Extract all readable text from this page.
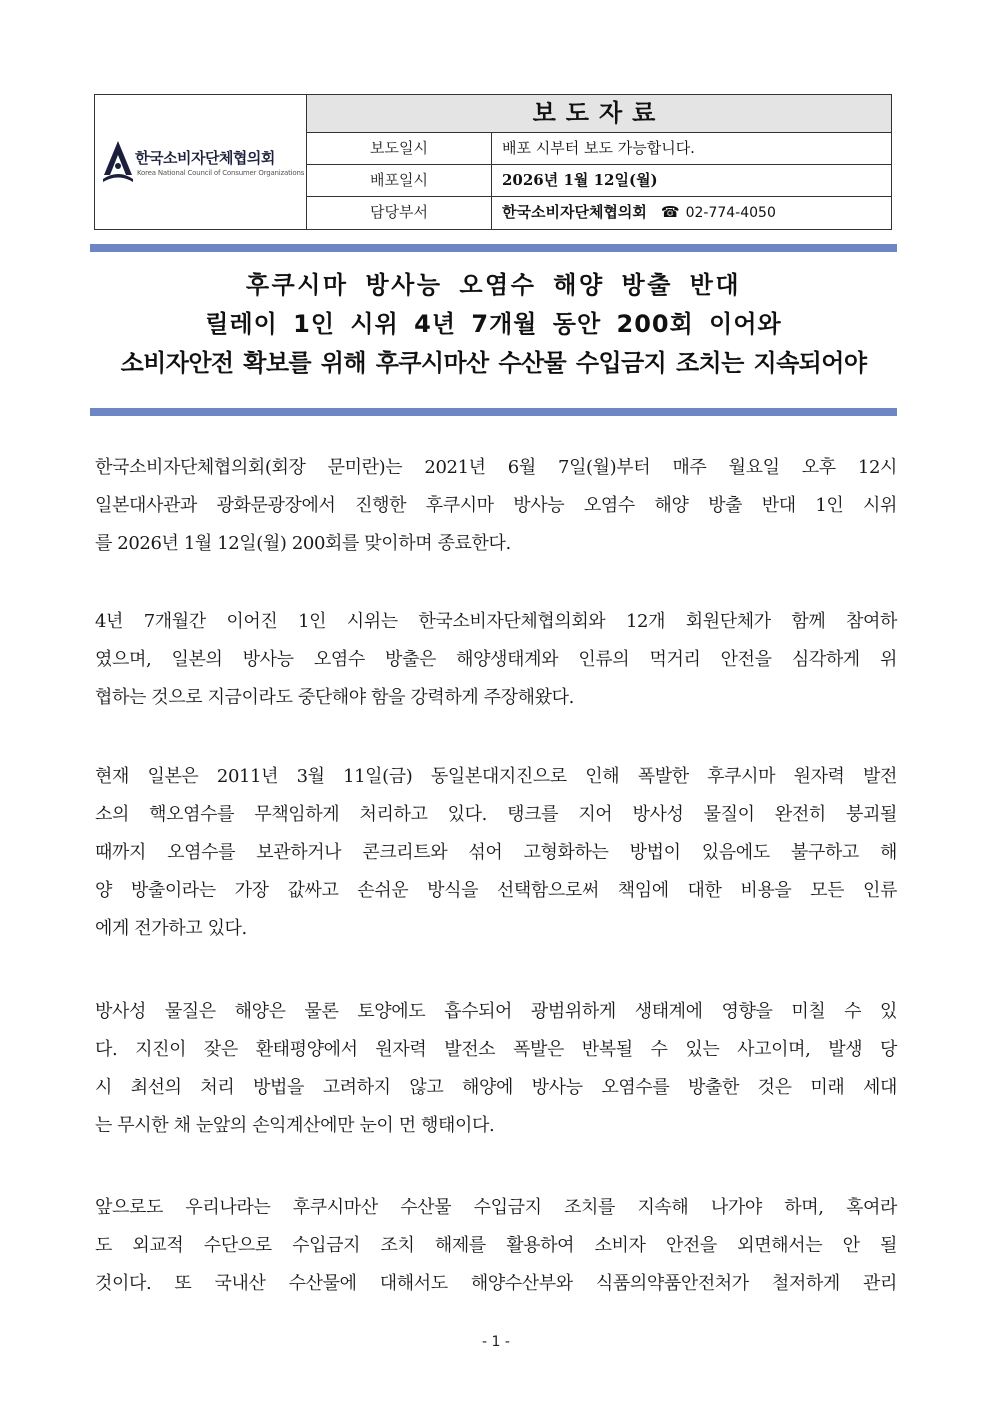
한국소비자단체협의회
Korea National Council of Consumer Organizations
보도자료
보도일시	배포 시부터 보도 가능합니다.
배포일시	2026년 1월 12일(월)
담당부서	한국소비자단체협의회 ☎ 02-774-4050
후쿠시마 방사능 오염수 해양 방출 반대
릴레이 1인 시위 4년 7개월 동안 200회 이어와
소비자안전 확보를 위해 후쿠시마산 수산물 수입금지 조치는 지속되어야
한국소비자단체협의회(회장 문미란)는 2021년 6월 7일(월)부터 매주 월요일 오후 12시
일본대사관과 광화문광장에서 진행한 후쿠시마 방사능 오염수 해양 방출 반대 1인 시위
를 2026년 1월 12일(월) 200회를 맞이하며 종료한다.
4년 7개월간 이어진 1인 시위는 한국소비자단체협의회와 12개 회원단체가 함께 참여하
였으며, 일본의 방사능 오염수 방출은 해양생태계와 인류의 먹거리 안전을 심각하게 위
협하는 것으로 지금이라도 중단해야 함을 강력하게 주장해왔다.
현재 일본은 2011년 3월 11일(금) 동일본대지진으로 인해 폭발한 후쿠시마 원자력 발전
소의 핵오염수를 무책임하게 처리하고 있다. 탱크를 지어 방사성 물질이 완전히 붕괴될
때까지 오염수를 보관하거나 콘크리트와 섞어 고형화하는 방법이 있음에도 불구하고 해
양 방출이라는 가장 값싸고 손쉬운 방식을 선택함으로써 책임에 대한 비용을 모든 인류
에게 전가하고 있다.
방사성 물질은 해양은 물론 토양에도 흡수되어 광범위하게 생태계에 영향을 미칠 수 있
다. 지진이 잦은 환태평양에서 원자력 발전소 폭발은 반복될 수 있는 사고이며, 발생 당
시 최선의 처리 방법을 고려하지 않고 해양에 방사능 오염수를 방출한 것은 미래 세대
는 무시한 채 눈앞의 손익계산에만 눈이 먼 행태이다.
앞으로도 우리나라는 후쿠시마산 수산물 수입금지 조치를 지속해 나가야 하며, 혹여라
도 외교적 수단으로 수입금지 조치 해제를 활용하여 소비자 안전을 외면해서는 안 될
것이다. 또 국내산 수산물에 대해서도 해양수산부와 식품의약품안전처가 철저하게 관리
- 1 -
